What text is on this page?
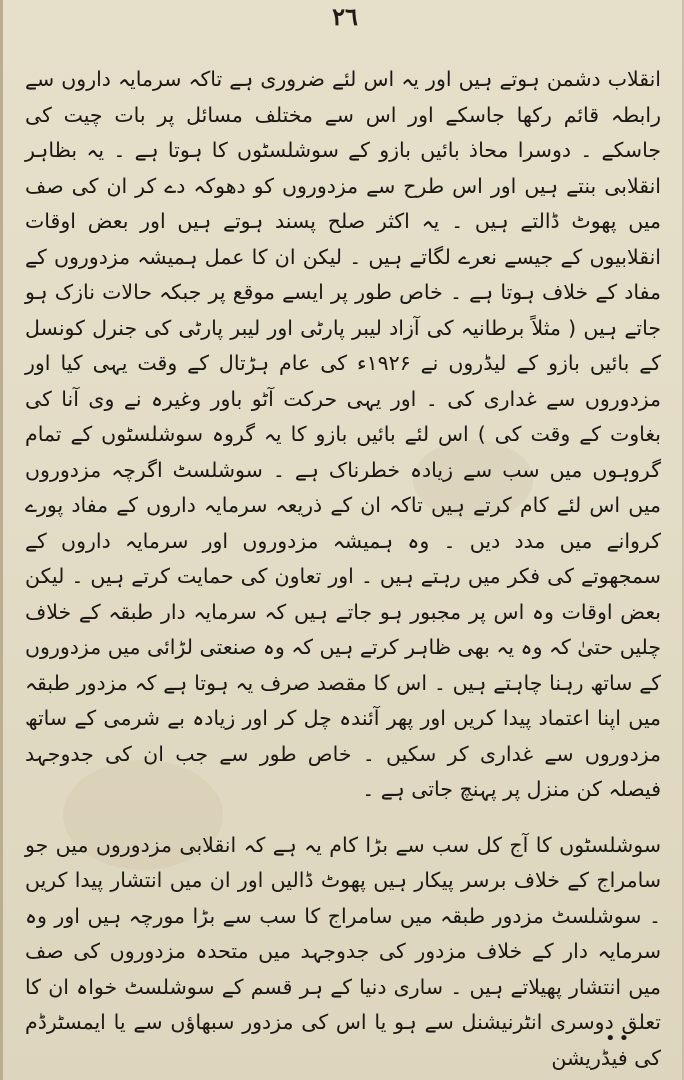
٢٦

انقلاب دشمن ہوتے ہیں اور یہ اس لئے ضروری ہے تاکہ سرمایہ داروں سے رابطہ قائم رکھا جاسکے اور اس سے مختلف مسائل پر بات چیت کی جاسکے ۔ دوسرا محاذ بائیں بازو کے سوشلسٹوں کا ہوتا ہے ۔ یہ بظاہر انقلابی بنتے ہیں اور اس طرح سے مزدوروں کو دھوکہ دے کر ان کی صف میں پھوٹ ڈالتے ہیں ۔ یہ اکثر صلح پسند ہوتے ہیں اور بعض اوقات انقلابیوں کے جیسے نعرے لگاتے ہیں ۔ لیکن ان کا عمل ہمیشہ مزدوروں کے مفاد کے خلاف ہوتا ہے ۔ خاص طور پر ایسے موقع پر جبکہ حالات نازک ہو جاتے ہیں ( مثلاً برطانیہ کی آزاد لیبر پارٹی اور لیبر پارٹی کی جنرل کونسل کے بائیں بازو کے لیڈروں نے ۱۹۲۶ء کی عام ہڑتال کے وقت یہی کیا اور مزدوروں سے غداری کی ۔ اور یہی حرکت آٹو باور وغیرہ نے وی آنا کی بغاوت کے وقت کی ) اس لئے بائیں بازو کا یہ گروہ سوشلسٹوں کے تمام گروہوں میں سب سے زیادہ خطرناک ہے ۔ سوشلسٹ اگرچہ مزدوروں میں اس لئے کام کرتے ہیں تاکہ ان کے ذریعہ سرمایہ داروں کے مفاد پورے کروانے میں مدد دیں ۔ وہ ہمیشہ مزدوروں اور سرمایہ داروں کے سمجھوتے کی فکر میں رہتے ہیں ۔ اور تعاون کی حمایت کرتے ہیں ۔ لیکن بعض اوقات وہ اس پر مجبور ہو جاتے ہیں کہ سرمایہ دار طبقہ کے خلاف چلیں حتیٰ کہ وہ یہ بھی ظاہر کرتے ہیں کہ وہ صنعتی لڑائی میں مزدوروں کے ساتھ رہنا چاہتے ہیں ۔ اس کا مقصد صرف یہ ہوتا ہے کہ مزدور طبقہ میں اپنا اعتماد پیدا کریں اور پھر آئندہ چل کر اور زیادہ بے شرمی کے ساتھ مزدوروں سے غداری کر سکیں ۔ خاص طور سے جب ان کی جدوجہد فیصلہ کن منزل پر پہنچ جاتی ہے ۔

سوشلسٹوں کا آج کل سب سے بڑا کام یہ ہے کہ انقلابی مزدوروں میں جو سامراج کے خلاف برسر پیکار ہیں پھوٹ ڈالیں اور ان میں انتشار پیدا کریں ۔ سوشلسٹ مزدور طبقہ میں سامراج کا سب سے بڑا مورچہ ہیں اور وہ سرمایہ دار کے خلاف مزدور کی جدوجہد میں متحدہ مزدوروں کی صف میں انتشار پھیلاتے ہیں ۔ ساری دنیا کے ہر قسم کے سوشلسٹ خواہ ان کا تعلق دوسری انٹرنیشنل سے ہو یا اس کی مزدور سبھاؤں سے یا ایمسٹرڈم کی فیڈریشن

••
